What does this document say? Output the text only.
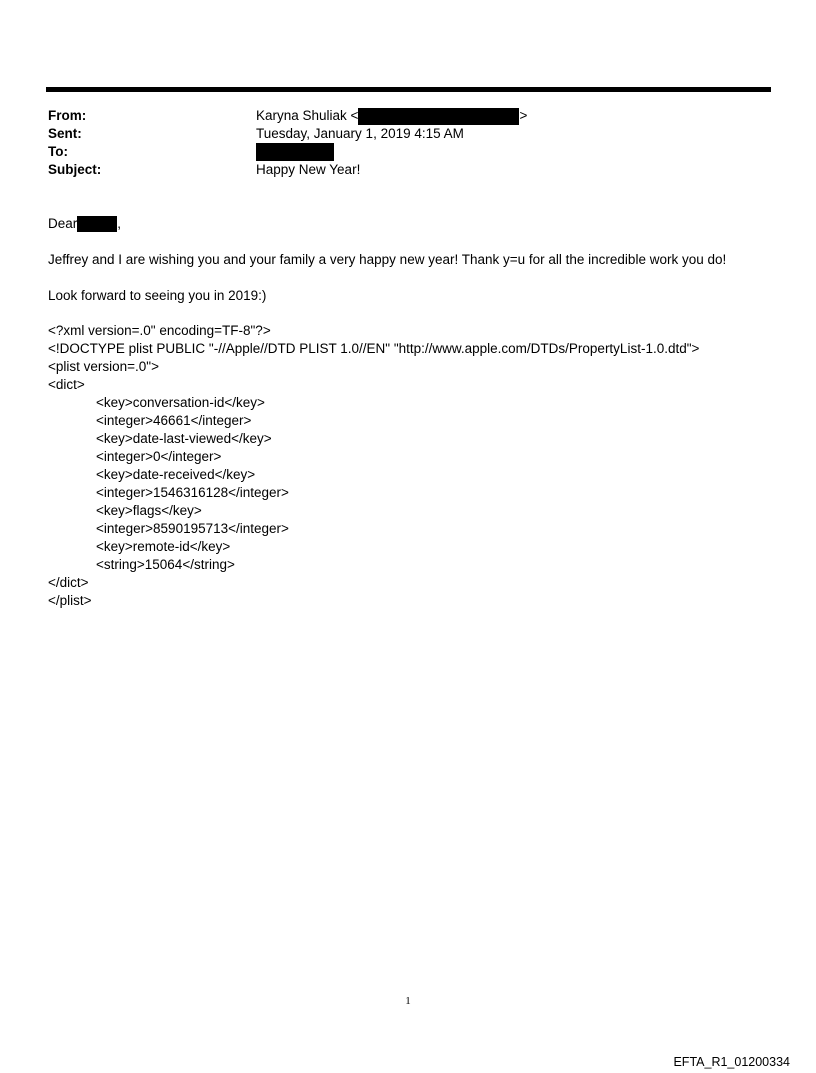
From:	Karyna Shuliak <	>
Sent:	Tuesday, January 1, 2019 4:15 AM
To:
Subject:	Happy New Year!
Dear	,
Jeffrey and I are wishing you and your family a very happy new year! Thank y=u for all the incredible work you do!
Look forward to seeing you in 2019:)
<?xml version=.0" encoding=TF-8"?>
<!DOCTYPE plist PUBLIC "-//Apple//DTD PLIST 1.0//EN" "http://www.apple.com/DTDs/PropertyList-1.0.dtd">
<plist version=.0">
<dict>
<key>conversation-id</key>
<integer>46661</integer>
<key>date-last-viewed</key>
<integer>0</integer>
<key>date-received</key>
<integer>1546316128</integer>
<key>flags</key>
<integer>8590195713</integer>
<key>remote-id</key>
<string>15064</string>
</dict>
</plist>
1
EFTA_R1_01200334
